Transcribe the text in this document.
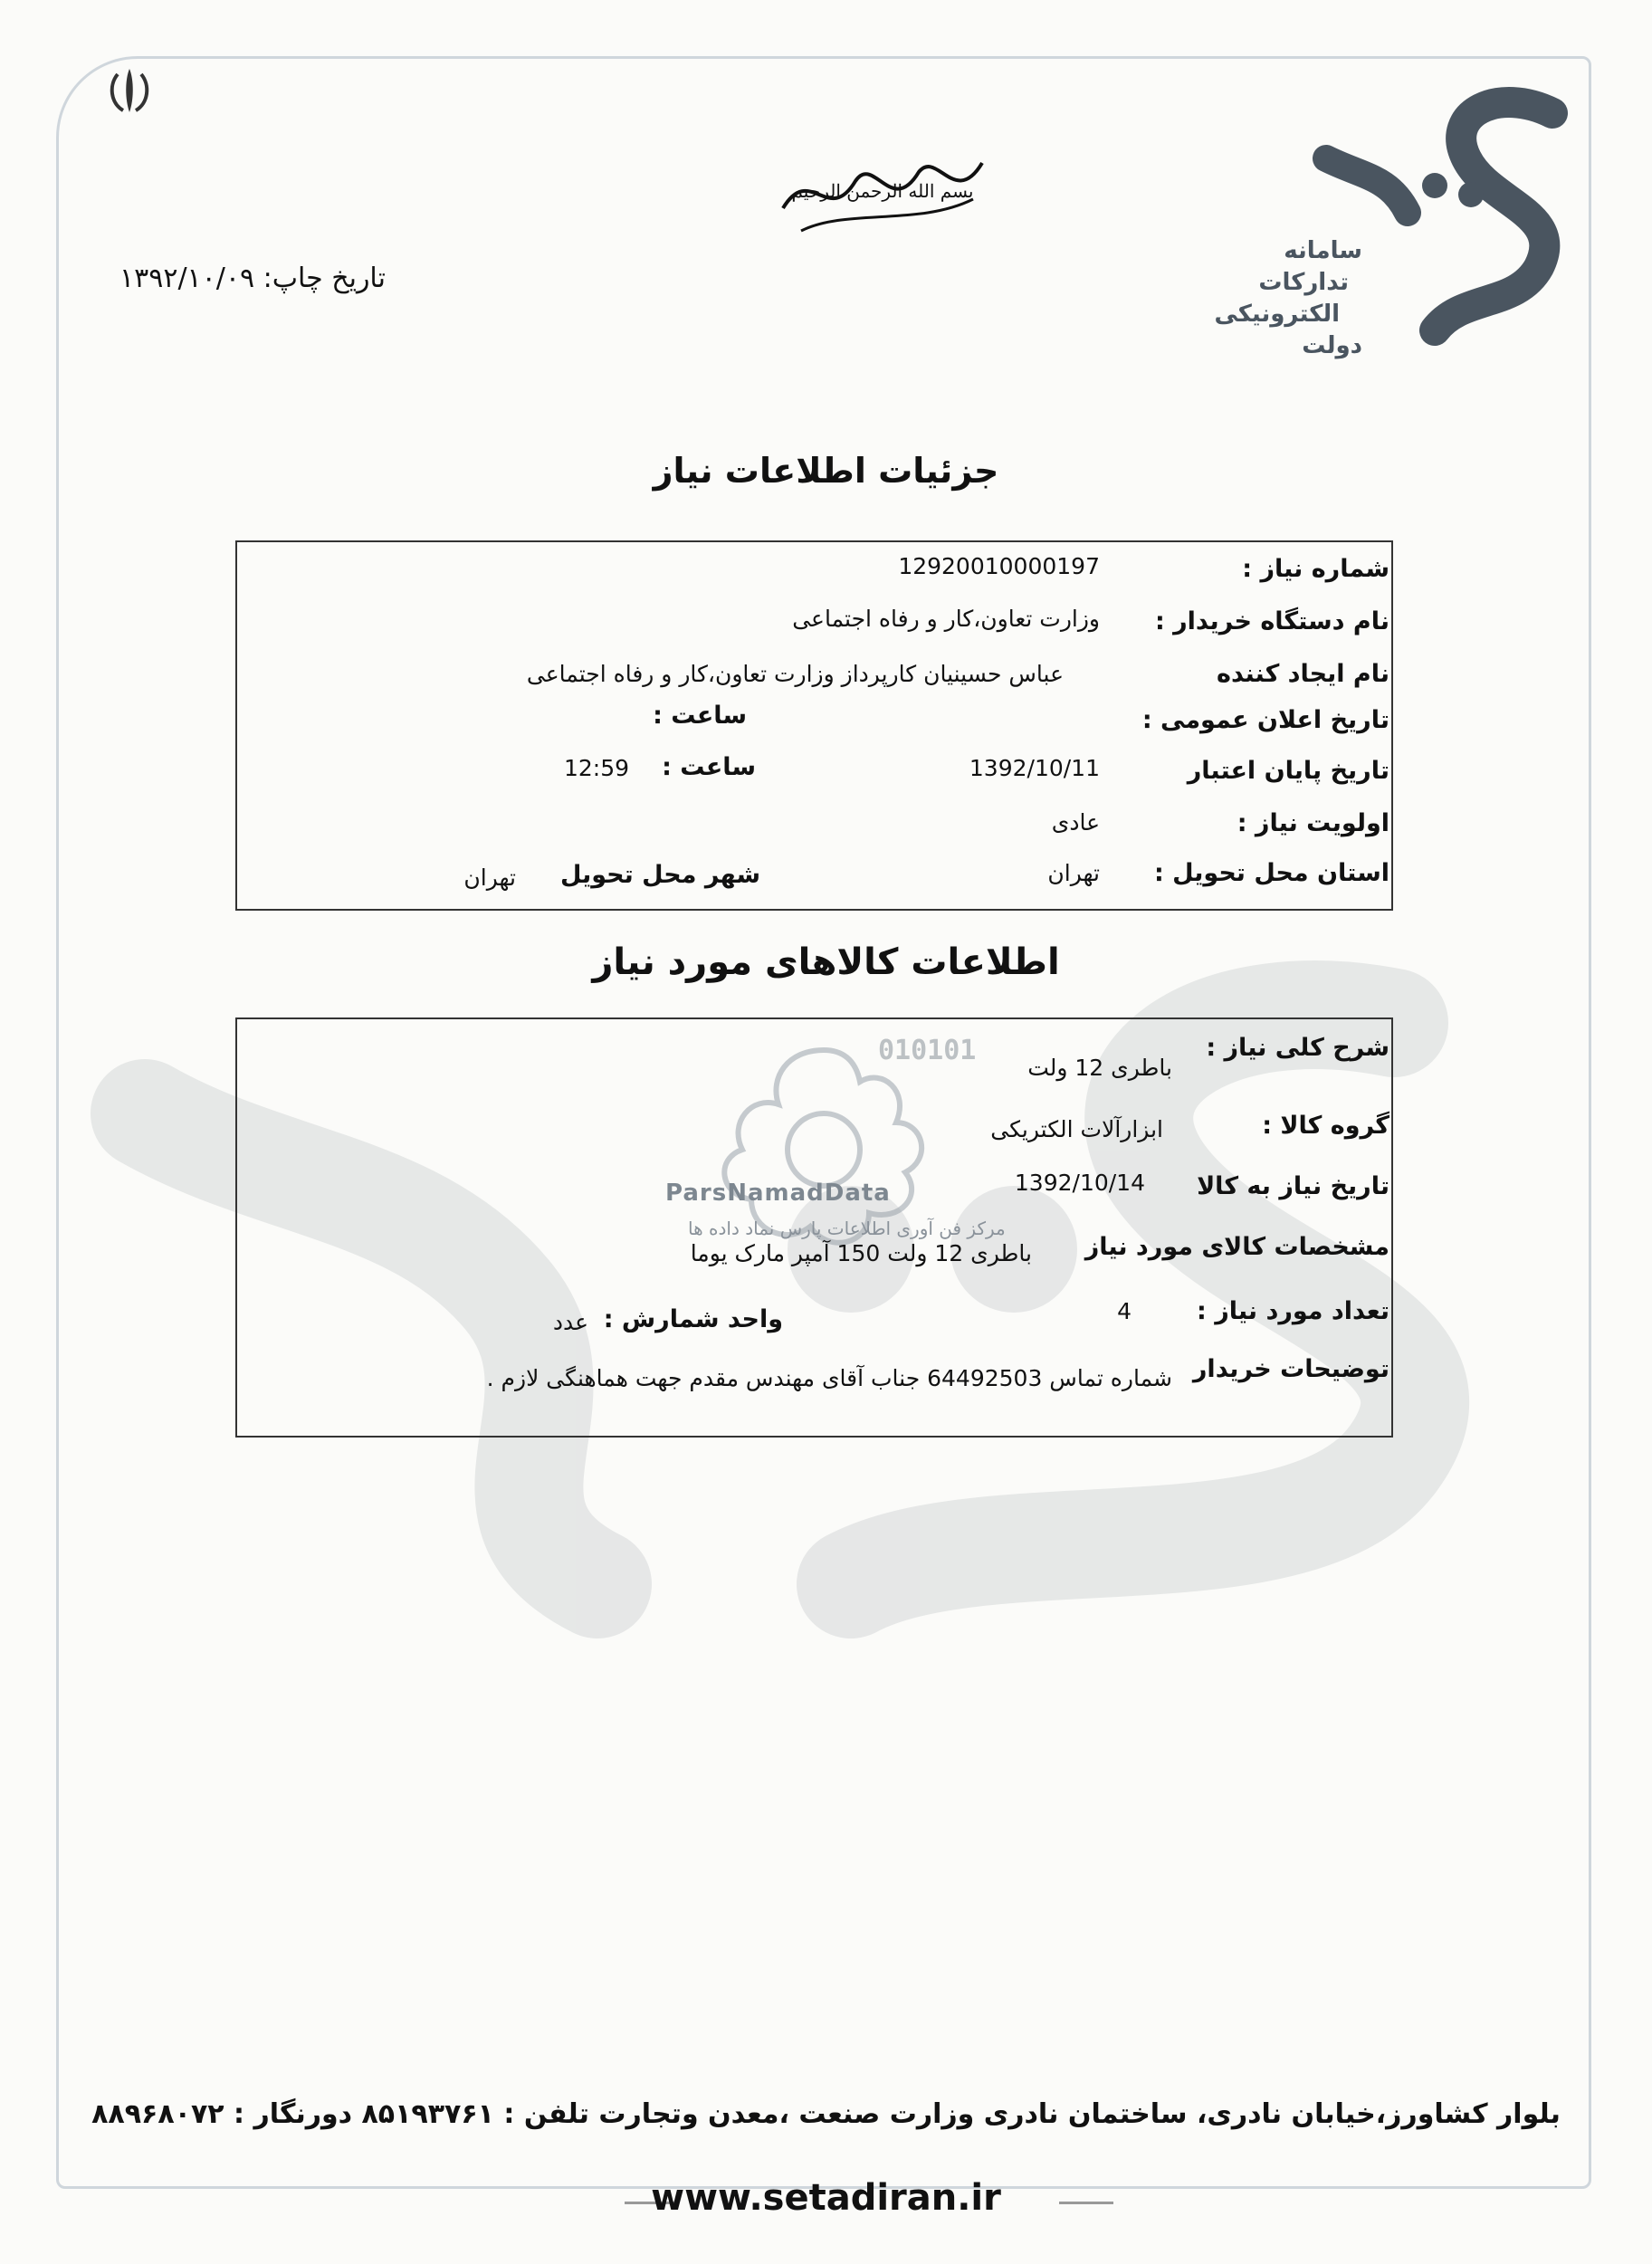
سامانه
تدارکات
الکترونیکی
دولت
بسم الله الرحمن الرحیم
تاریخ چاپ: ۱۳۹۲/۱۰/۰۹
جزئیات اطلاعات نیاز
شماره نیاز :
12920010000197
نام دستگاه خریدار :
وزارت تعاون،کار و رفاه اجتماعی
نام ایجاد کننده
عباس حسینیان کارپرداز وزارت تعاون،کار و رفاه اجتماعی
تاریخ اعلان عمومی :
ساعت :
تاریخ پایان اعتبار
1392/10/11
ساعت :
12:59
اولویت نیاز :
عادی
استان محل تحویل :
تهران
شهر محل تحویل
تهران
اطلاعات کالاهای مورد نیاز
010101
ParsNamadData
مرکز فن آوری اطلاعات پارس نماد داده ها
شرح کلی نیاز :
باطری 12 ولت
گروه کالا :
ابزارآلات الکتریکی
تاریخ نیاز به کالا
1392/10/14
مشخصات کالای مورد نیاز
باطری 12 ولت 150 آمپر مارک یوما
تعداد مورد نیاز :
4
واحد شمارش :
عدد
توضیحات خریدار
شماره تماس 64492503 جناب آقای مهندس مقدم جهت هماهنگی لازم .
بلوار کشاورز،خیابان نادری، ساختمان نادری وزارت صنعت ،معدن وتجارت تلفن : ۸۵۱۹۳۷۶۱ دورنگار : ۸۸۹۶۸۰۷۲
www.setadiran.ir
